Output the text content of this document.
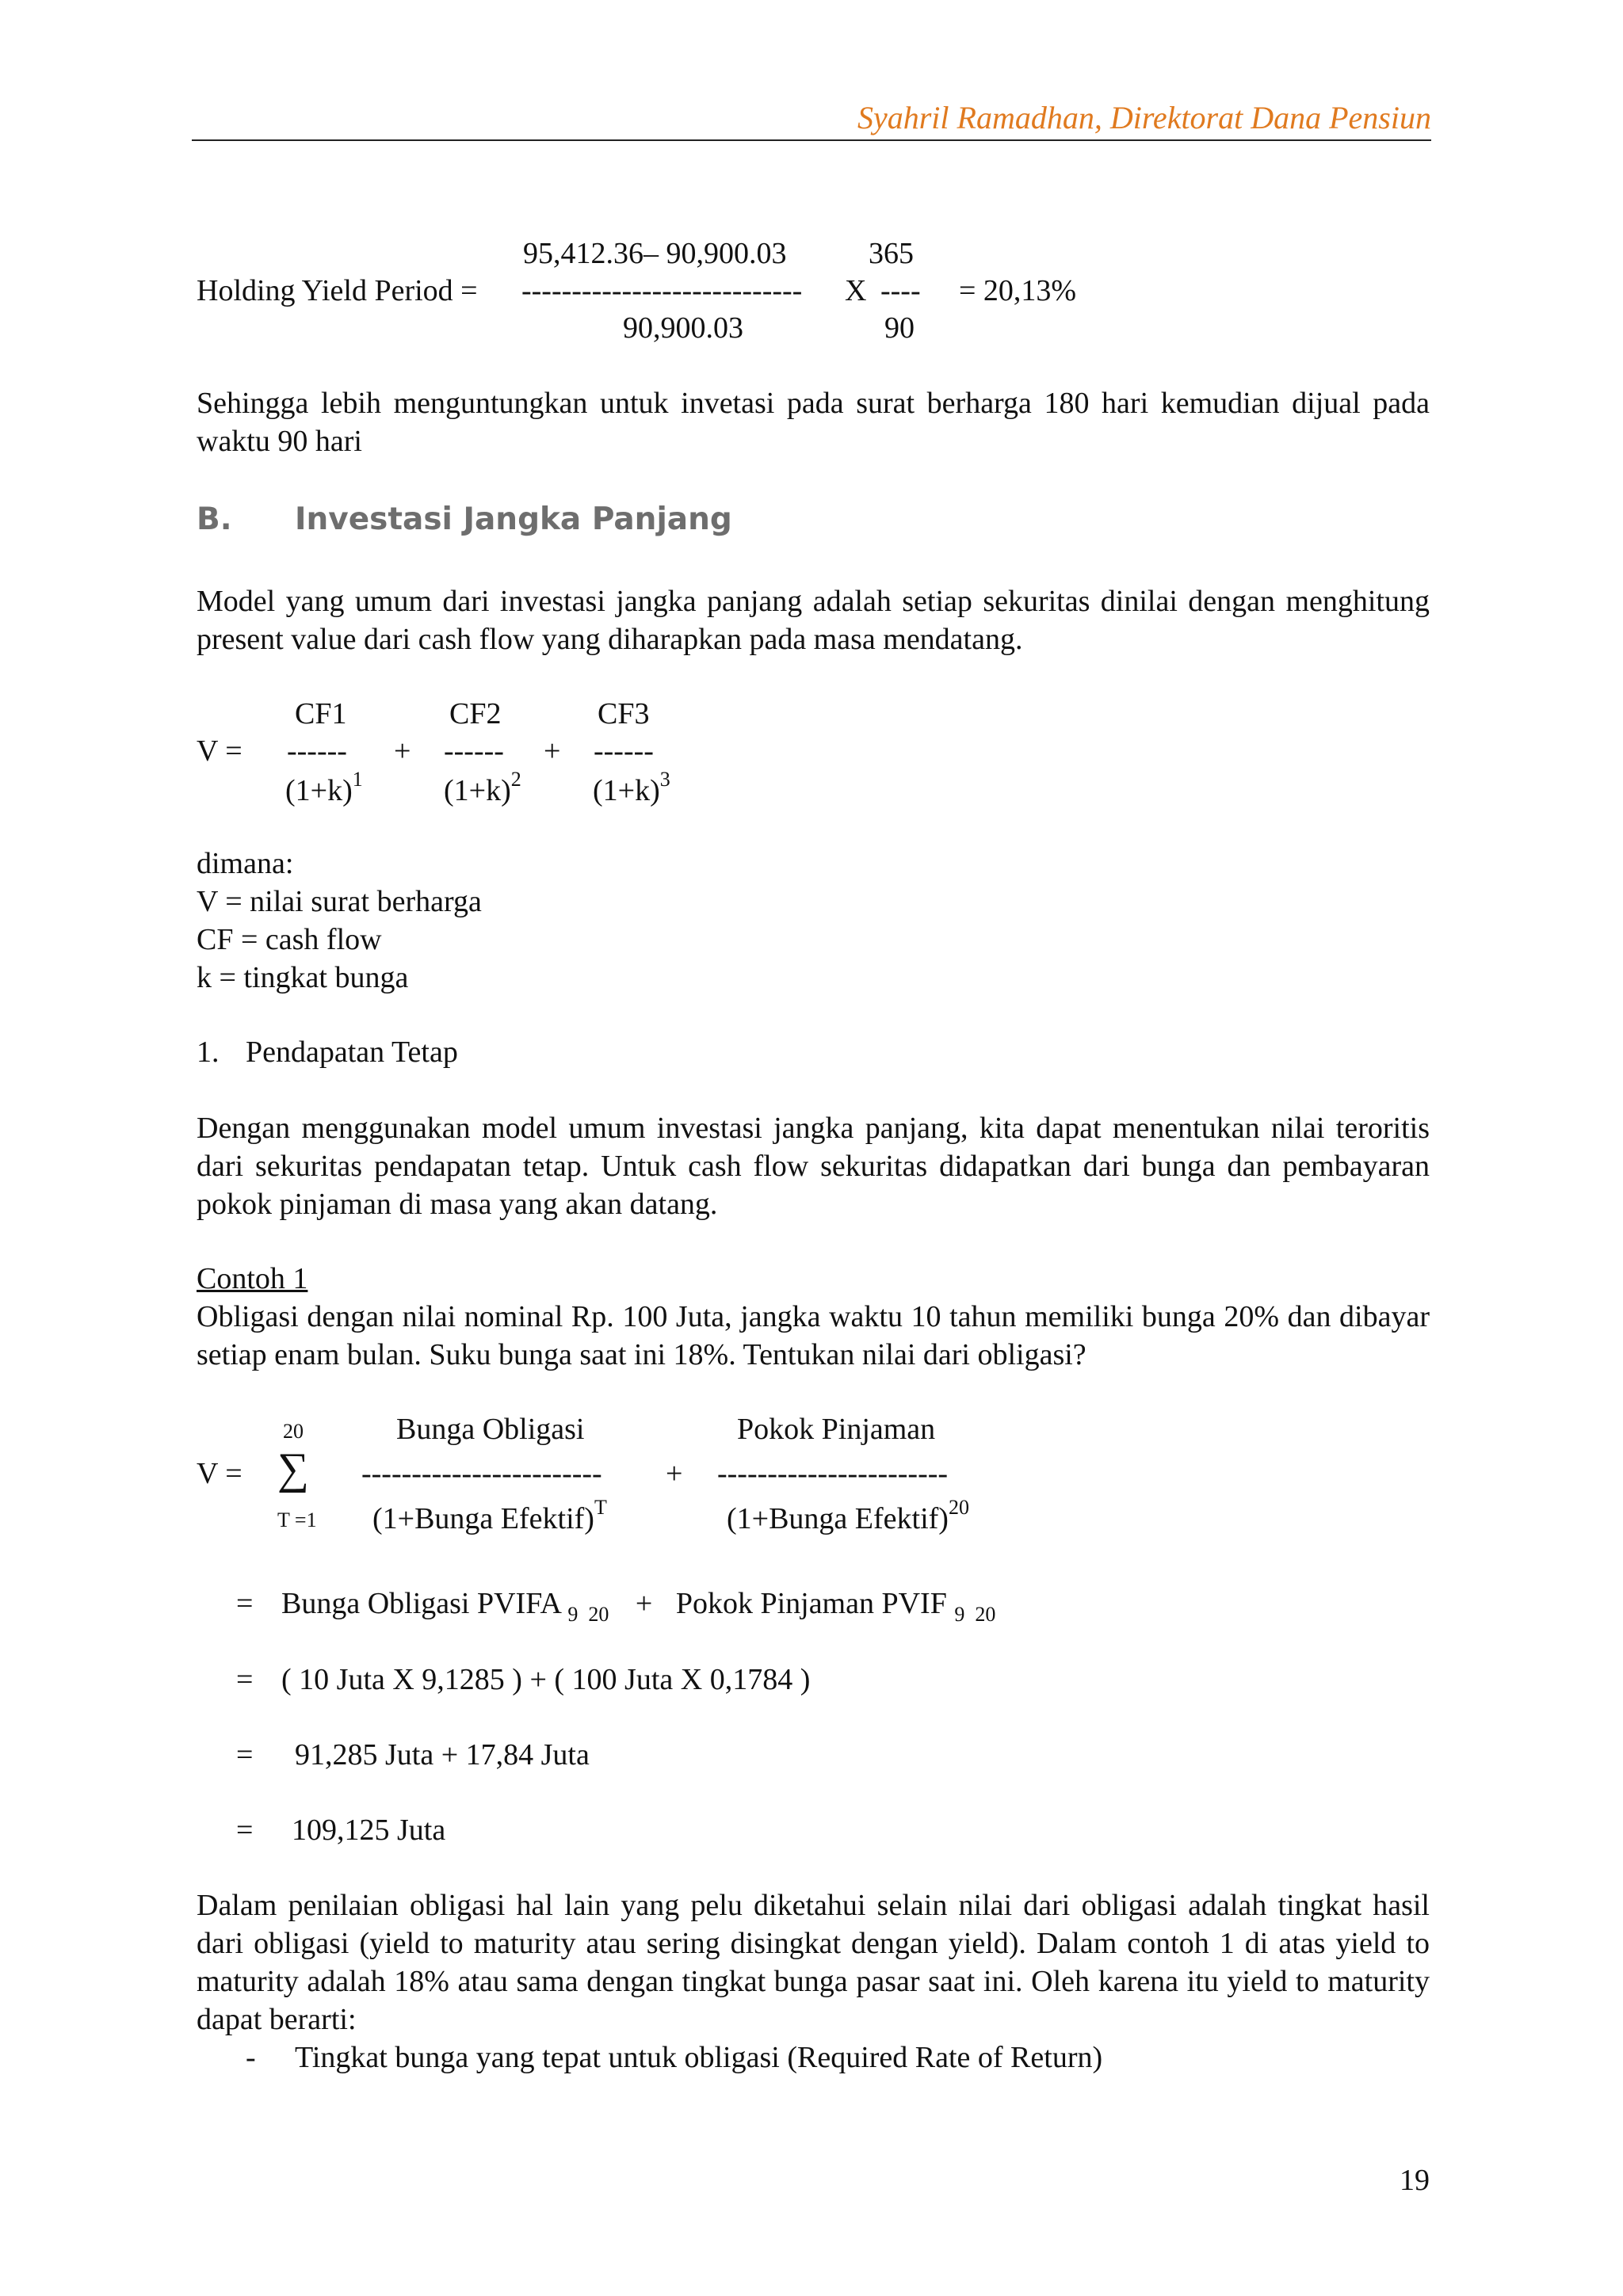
Syahril Ramadhan, Direktorat Dana Pensiun
95,412.36– 90,900.03	365
Holding Yield Period = ---------------------------- X ---- = 20,13%
90,900.03	90
Sehingga lebih menguntungkan untuk invetasi pada surat berharga 180 hari kemudian dijual pada waktu 90 hari
B. Investasi Jangka Panjang
Model yang umum dari investasi jangka panjang adalah setiap sekuritas dinilai dengan menghitung present value dari cash flow yang diharapkan pada masa mendatang.
CF1	CF2	CF3
V = ------ + ------ + ------
$(1+k)^1$	$(1+k)^2$ $(1+k)^3$
dimana:
V = nilai surat berharga
CF = cash flow
k = tingkat bunga
1. Pendapatan Tetap
Dengan menggunakan model umum investasi jangka panjang, kita dapat menentukan nilai teroritis dari sekuritas pendapatan tetap. Untuk cash flow sekuritas didapatkan dari bunga dan pembayaran pokok pinjaman di masa yang akan datang.
Contoh 1
Obligasi dengan nilai nominal Rp. 100 Juta, jangka waktu 10 tahun memiliki bunga 20% dan dibayar setiap enam bulan. Suku bunga saat ini 18%. Tentukan nilai dari obligasi?
20	Bunga Obligasi	Pokok Pinjaman
V = ∑ ------------------------ + -----------------------
T =1 (1+Bunga Efektif)$^T$	(1+Bunga Efektif)$^{20}$
= Bunga Obligasi PVIFA $_{9 20}$ + Pokok Pinjaman PVIF $_{9 20}$
= ( 10 Juta X 9,1285 ) + ( 100 Juta X 0,1784 )
= 91,285 Juta + 17,84 Juta
= 109,125 Juta
Dalam penilaian obligasi hal lain yang pelu diketahui selain nilai dari obligasi adalah tingkat hasil dari obligasi (yield to maturity atau sering disingkat dengan yield). Dalam contoh 1 di atas yield to maturity adalah 18% atau sama dengan tingkat bunga pasar saat ini. Oleh karena itu yield to maturity dapat berarti:
- Tingkat bunga yang tepat untuk obligasi (Required Rate of Return)
19
